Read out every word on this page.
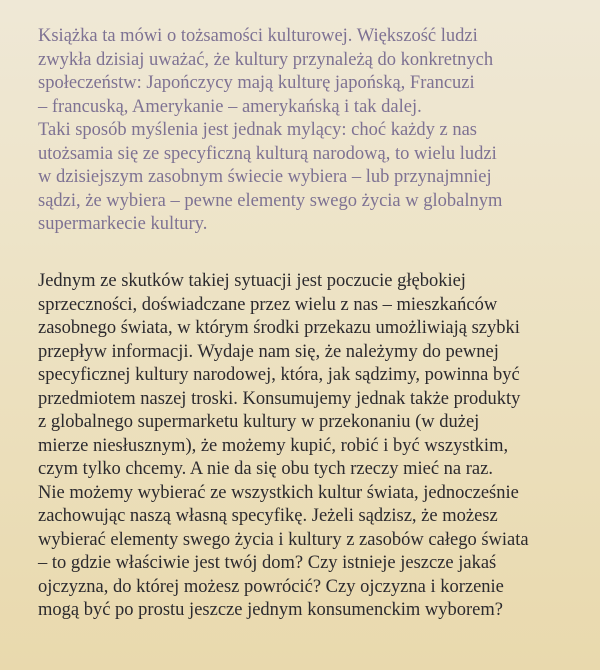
Książka ta mówi o tożsamości kulturowej. Większość ludzi
zwykła dzisiaj uważać, że kultury przynależą do konkretnych
społeczeństw: Japończycy mają kulturę japońską, Francuzi
– francuską, Amerykanie – amerykańską i tak dalej.
Taki sposób myślenia jest jednak mylący: choć każdy z nas
utożsamia się ze specyficzną kulturą narodową, to wielu ludzi
w dzisiejszym zasobnym świecie wybiera – lub przynajmniej
sądzi, że wybiera – pewne elementy swego życia w globalnym
supermarkecie kultury.

Jednym ze skutków takiej sytuacji jest poczucie głębokiej
sprzeczności, doświadczane przez wielu z nas – mieszkańców
zasobnego świata, w którym środki przekazu umożliwiają szybki
przepływ informacji. Wydaje nam się, że należymy do pewnej
specyficznej kultury narodowej, która, jak sądzimy, powinna być
przedmiotem naszej troski. Konsumujemy jednak także produkty
z globalnego supermarketu kultury w przekonaniu (w dużej
mierze niesłusznym), że możemy kupić, robić i być wszystkim,
czym tylko chcemy. A nie da się obu tych rzeczy mieć na raz.
Nie możemy wybierać ze wszystkich kultur świata, jednocześnie
zachowując naszą własną specyfikę. Jeżeli sądzisz, że możesz
wybierać elementy swego życia i kultury z zasobów całego świata
– to gdzie właściwie jest twój dom? Czy istnieje jeszcze jakaś
ojczyzna, do której możesz powrócić? Czy ojczyzna i korzenie
mogą być po prostu jeszcze jednym konsumenckim wyborem?
